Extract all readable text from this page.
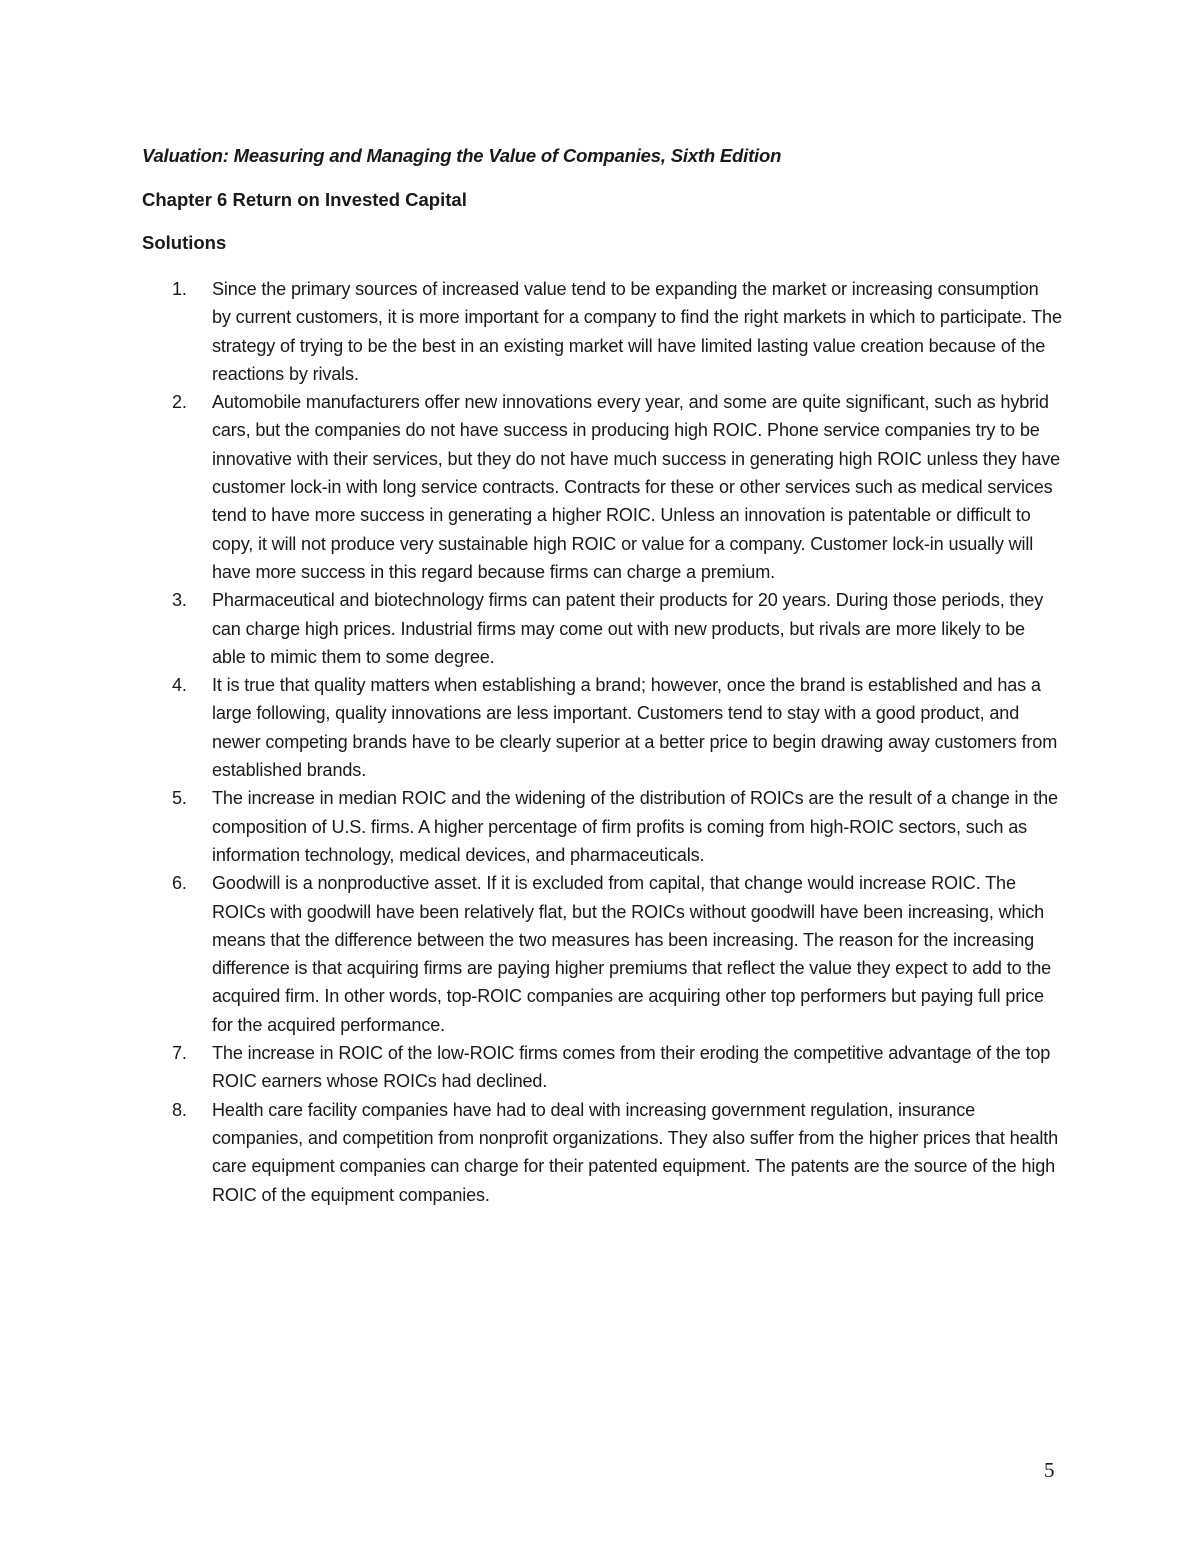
Valuation: Measuring and Managing the Value of Companies, Sixth Edition
Chapter 6 Return on Invested Capital
Solutions
1. Since the primary sources of increased value tend to be expanding the market or increasing consumption by current customers, it is more important for a company to find the right markets in which to participate. The strategy of trying to be the best in an existing market will have limited lasting value creation because of the reactions by rivals.
2. Automobile manufacturers offer new innovations every year, and some are quite significant, such as hybrid cars, but the companies do not have success in producing high ROIC. Phone service companies try to be innovative with their services, but they do not have much success in generating high ROIC unless they have customer lock-in with long service contracts. Contracts for these or other services such as medical services tend to have more success in generating a higher ROIC. Unless an innovation is patentable or difficult to copy, it will not produce very sustainable high ROIC or value for a company. Customer lock-in usually will have more success in this regard because firms can charge a premium.
3. Pharmaceutical and biotechnology firms can patent their products for 20 years. During those periods, they can charge high prices. Industrial firms may come out with new products, but rivals are more likely to be able to mimic them to some degree.
4. It is true that quality matters when establishing a brand; however, once the brand is established and has a large following, quality innovations are less important. Customers tend to stay with a good product, and newer competing brands have to be clearly superior at a better price to begin drawing away customers from established brands.
5. The increase in median ROIC and the widening of the distribution of ROICs are the result of a change in the composition of U.S. firms. A higher percentage of firm profits is coming from high-ROIC sectors, such as information technology, medical devices, and pharmaceuticals.
6. Goodwill is a nonproductive asset. If it is excluded from capital, that change would increase ROIC. The ROICs with goodwill have been relatively flat, but the ROICs without goodwill have been increasing, which means that the difference between the two measures has been increasing. The reason for the increasing difference is that acquiring firms are paying higher premiums that reflect the value they expect to add to the acquired firm. In other words, top-ROIC companies are acquiring other top performers but paying full price for the acquired performance.
7. The increase in ROIC of the low-ROIC firms comes from their eroding the competitive advantage of the top ROIC earners whose ROICs had declined.
8. Health care facility companies have had to deal with increasing government regulation, insurance companies, and competition from nonprofit organizations. They also suffer from the higher prices that health care equipment companies can charge for their patented equipment. The patents are the source of the high ROIC of the equipment companies.
5
